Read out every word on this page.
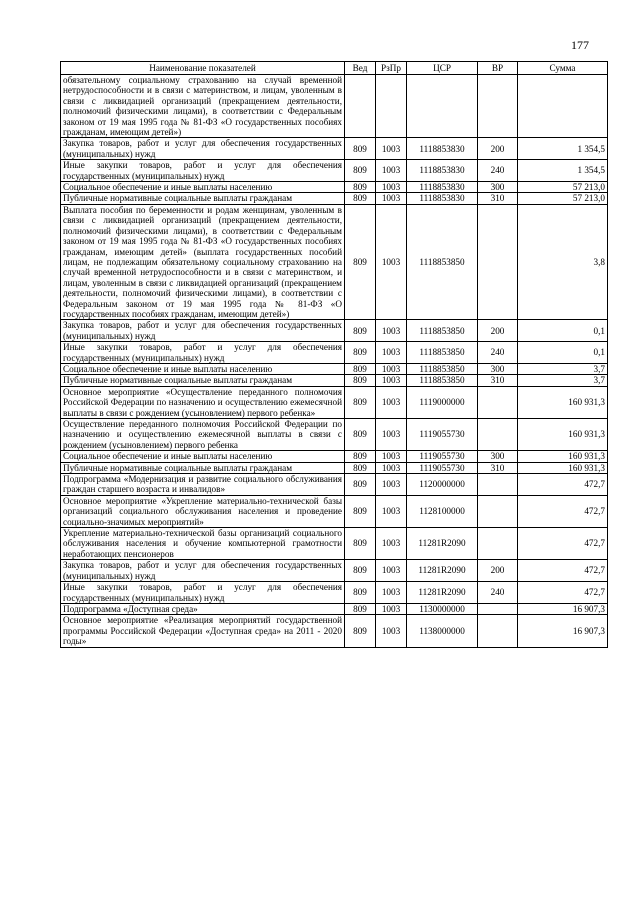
177
Наименование показателей	Вед	РзПр	ЦСР	ВР	Сумма
обязательному социальному страхованию на случай временной нетрудоспособности и в связи с материнством, и лицам, уволенным в связи с ликвидацией организаций (прекращением деятельности, полномочий физическими лицами), в соответствии с Федеральным законом от 19 мая 1995 года № 81-ФЗ «О государственных пособиях гражданам, имеющим детей»)					
Закупка товаров, работ и услуг для обеспечения государственных (муниципальных) нужд	809	1003	1118853830	200	1 354,5
Иные закупки товаров, работ и услуг для обеспечения государственных (муниципальных) нужд	809	1003	1118853830	240	1 354,5
Социальное обеспечение и иные выплаты населению	809	1003	1118853830	300	57 213,0
Публичные нормативные социальные выплаты гражданам	809	1003	1118853830	310	57 213,0
Выплата пособия по беременности и родам женщинам, уволенным в связи с ликвидацией организаций (прекращением деятельности, полномочий физическими лицами), в соответствии с Федеральным законом от 19 мая 1995 года № 81-ФЗ «О государственных пособиях гражданам, имеющим детей» (выплата государственных пособий лицам, не подлежащим обязательному социальному страхованию на случай временной нетрудоспособности и в связи с материнством, и лицам, уволенным в связи с ликвидацией организаций (прекращением деятельности, полномочий физическими лицами), в соответствии с Федеральным законом от 19 мая 1995 года № 81-ФЗ «О государственных пособиях гражданам, имеющим детей»)	809	1003	1118853850		3,8
Закупка товаров, работ и услуг для обеспечения государственных (муниципальных) нужд	809	1003	1118853850	200	0,1
Иные закупки товаров, работ и услуг для обеспечения государственных (муниципальных) нужд	809	1003	1118853850	240	0,1
Социальное обеспечение и иные выплаты населению	809	1003	1118853850	300	3,7
Публичные нормативные социальные выплаты гражданам	809	1003	1118853850	310	3,7
Основное мероприятие «Осуществление переданного полномочия Российской Федерации по назначению и осуществлению ежемесячной выплаты в связи с рождением (усыновлением) первого ребенка»	809	1003	1119000000		160 931,3
Осуществление переданного полномочия Российской Федерации по назначению и осуществлению ежемесячной выплаты в связи с рождением (усыновлением) первого ребенка	809	1003	1119055730		160 931,3
Социальное обеспечение и иные выплаты населению	809	1003	1119055730	300	160 931,3
Публичные нормативные социальные выплаты гражданам	809	1003	1119055730	310	160 931,3
Подпрограмма «Модернизация и развитие социального обслуживания граждан старшего возраста и инвалидов»	809	1003	1120000000		472,7
Основное мероприятие «Укрепление материально-технической базы организаций социального обслуживания населения и проведение социально-значимых мероприятий»	809	1003	1128100000		472,7
Укрепление материально-технической базы организаций социального обслуживания населения и обучение компьютерной грамотности неработающих пенсионеров	809	1003	11281R2090		472,7
Закупка товаров, работ и услуг для обеспечения государственных (муниципальных) нужд	809	1003	11281R2090	200	472,7
Иные закупки товаров, работ и услуг для обеспечения государственных (муниципальных) нужд	809	1003	11281R2090	240	472,7
Подпрограмма «Доступная среда»	809	1003	1130000000		16 907,3
Основное мероприятие «Реализация мероприятий государственной программы Российской Федерации «Доступная среда» на 2011 - 2020 годы»	809	1003	1138000000		16 907,3
